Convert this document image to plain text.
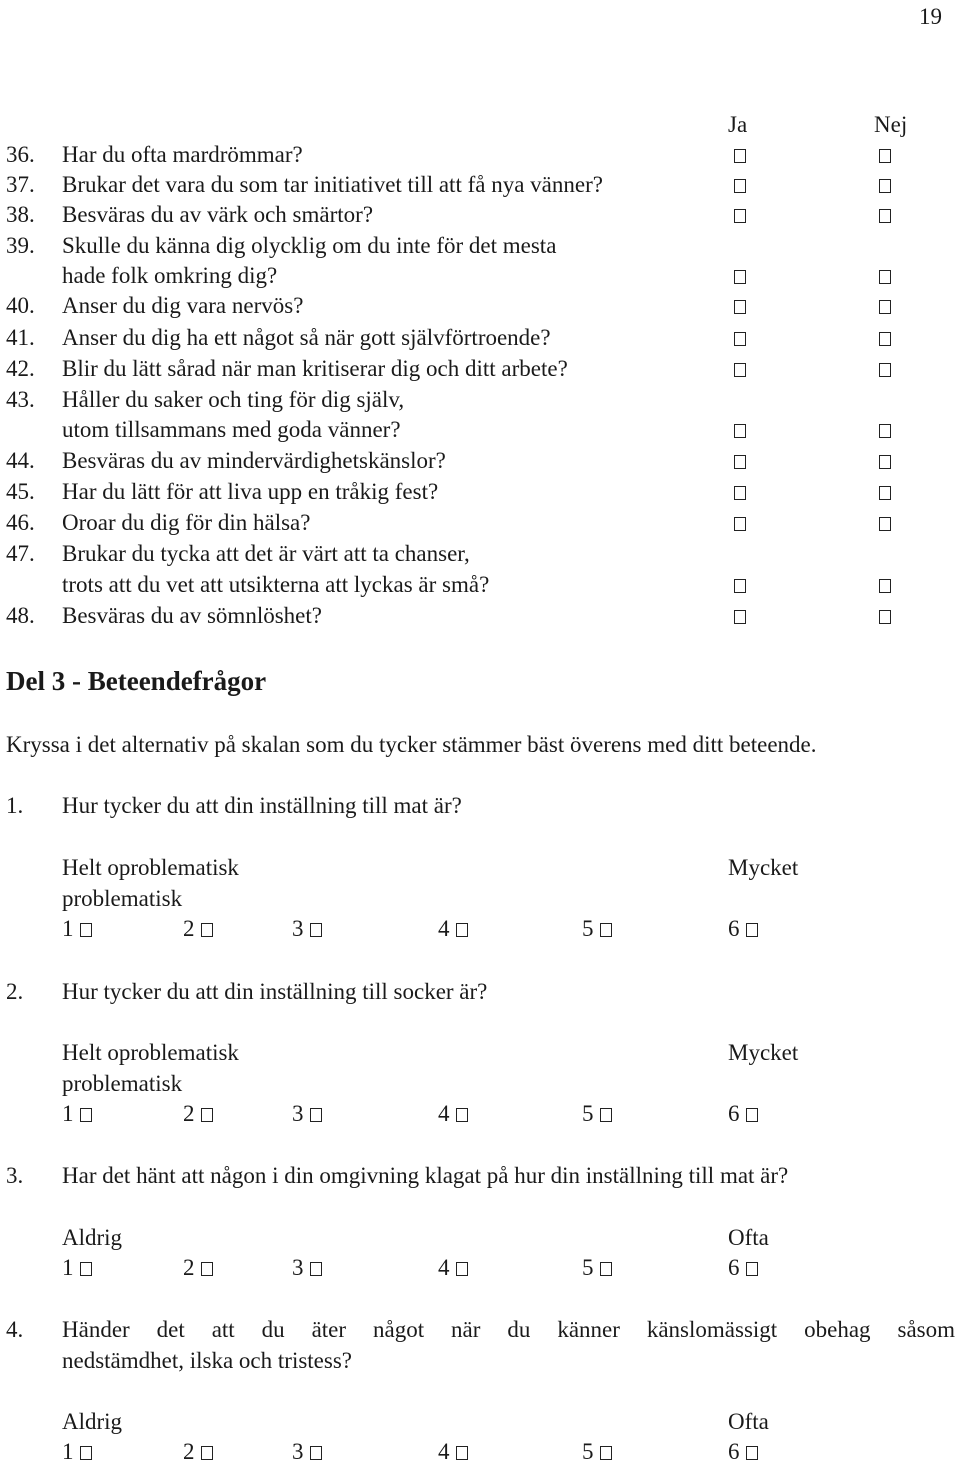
19
Ja	Nej
36. Har du ofta mardrömmar?
37. Brukar det vara du som tar initiativet till att få nya vänner?
38. Besväras du av värk och smärtor?
39. Skulle du känna dig olycklig om du inte för det mesta
hade folk omkring dig?
40. Anser du dig vara nervös?
41. Anser du dig ha ett något så när gott självförtroende?
42. Blir du lätt sårad när man kritiserar dig och ditt arbete?
43. Håller du saker och ting för dig själv,
utom tillsammans med goda vänner?
44. Besväras du av mindervärdighetskänslor?
45. Har du lätt för att liva upp en tråkig fest?
46. Oroar du dig för din hälsa?
47. Brukar du tycka att det är värt att ta chanser,
trots att du vet att utsikterna att lyckas är små?
48. Besväras du av sömnlöshet?
Del 3 - Beteendefrågor
Kryssa i det alternativ på skalan som du tycker stämmer bäst överens med ditt beteende.
1. Hur tycker du att din inställning till mat är?
Helt oproblematisk	Mycket
problematisk
1	2	3	4	5	6
2. Hur tycker du att din inställning till socker är?
Helt oproblematisk	Mycket
problematisk
1	2	3	4	5	6
3. Har det hänt att någon i din omgivning klagat på hur din inställning till mat är?
Aldrig	Ofta
1	2	3	4	5	6
4. Händer det att du äter något när du känner känslomässigt obehag såsom
nedstämdhet, ilska och tristess?
Aldrig	Ofta
1	2	3	4	5	6
